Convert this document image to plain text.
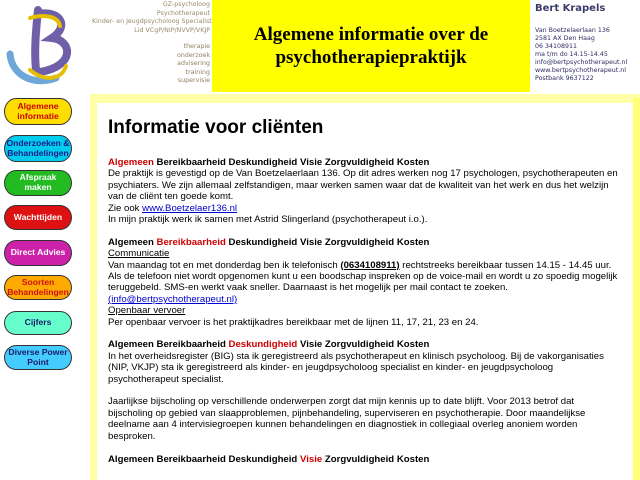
GZ-psycholoog
Psychotherapeut
Kinder- en Jeugdpsycholoog Specialist
Lid VCgP/NIP/NVVP/VKJP
therapie
onderzoek
advisering
training
supervisie
Algemene informatie over de psychotherapiepraktijk
Bert Krapels
Van Boetzelaerlaan 136
2581 AX Den Haag
06 34108911
ma t/m do 14.15-14.45
info@bertpsychotherapeut.nl
www.bertpsychotherapeut.nl
Postbank 9637122
Algemene informatie
Onderzoeken & Behandelingen
Afspraak maken
Wachttijden
Direct Advies
Soorten Behandelingen
Cijfers
Diverse Power Point
Informatie voor cliënten

Algemeen Bereikbaarheid Deskundigheid Visie Zorgvuldigheid Kosten

De praktijk is gevestigd op de Van Boetzelaerlaan 136. Op dit adres werken nog 17 psychologen, psychotherapeuten en psychiaters. We zijn allemaal zelfstandigen, maar werken samen waar dat de kwaliteit van het werk en dus het welzijn van de cliënt ten goede komt.

Zie ook www.Boetzelaer136.nl

In mijn praktijk werk ik samen met Astrid Slingerland (psychotherapeut i.o.).

Algemeen Bereikbaarheid Deskundigheid Visie Zorgvuldigheid Kosten

Communicatie

Van maandag tot en met donderdag ben ik telefonisch (0634108911) rechtstreeks bereikbaar tussen 14.15 - 14.45 uur.

Als de telefoon niet wordt opgenomen kunt u een boodschap inspreken op de voice-mail en wordt u zo spoedig mogelijk teruggebeld. SMS-en werkt vaak sneller. Daarnaast is het mogelijk per mail contact te zoeken.

(info@bertpsychotherapeut.nl)

Openbaar vervoer

Per openbaar vervoer is het praktijkadres bereikbaar met de lijnen 11, 17, 21, 23 en 24.

Algemeen Bereikbaarheid Deskundigheid Visie Zorgvuldigheid Kosten

In het overheidsregister (BIG) sta ik geregistreerd als psychotherapeut en klinisch psycholoog. Bij de vakorganisaties (NIP, VKJP) sta ik geregistreerd als kinder- en jeugdpsycholoog specialist en kinder- en jeugdpsycholoog psychotherapeut specialist.

Jaarlijkse bijscholing op verschillende onderwerpen zorgt dat mijn kennis up to date blijft. Voor 2013 betrof dat bijscholing op gebied van slaapproblemen, pijnbehandeling, superviseren en psychotherapie. Door maandelijkse deelname aan 4 intervisiegroepen kunnen behandelingen en diagnostiek in collegiaal overleg anoniem worden besproken.

Algemeen Bereikbaarheid Deskundigheid Visie Zorgvuldigheid Kosten
